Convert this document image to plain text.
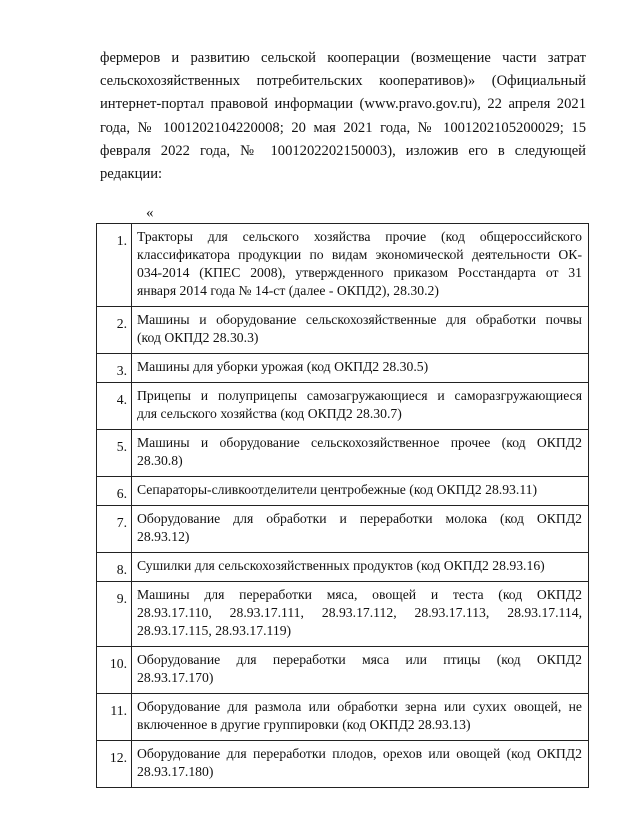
фермеров и развитию сельской кооперации (возмещение части затрат
сельскохозяйственных потребительских кооперативов)» (Официальный
интернет-портал правовой информации (www.pravo.gov.ru), 22 апреля 2021
года, № 1001202104220008; 20 мая 2021 года, № 1001202105200029; 15
февраля 2022 года, № 1001202202150003), изложив его в следующей
редакции:
«
1.	Тракторы для сельского хозяйства прочие (код общероссийского
классификатора продукции по видам экономической деятельности ОК-
034-2014 (КПЕС 2008), утвержденного приказом Росстандарта от 31
января 2014 года № 14-ст (далее - ОКПД2), 28.30.2)

2.	Машины и оборудование сельскохозяйственные для обработки почвы
(код ОКПД2 28.30.3)

3.	Машины для уборки урожая (код ОКПД2 28.30.5)

4.	Прицепы и полуприцепы самозагружающиеся и саморазгружающиеся
для сельского хозяйства (код ОКПД2 28.30.7)

5.	Машины и оборудование сельскохозяйственное прочее (код ОКПД2
28.30.8)

6.	Сепараторы-сливкоотделители центробежные (код ОКПД2 28.93.11)

7.	Оборудование для обработки и переработки молока (код ОКПД2
28.93.12)

8.	Сушилки для сельскохозяйственных продуктов (код ОКПД2 28.93.16)

9.	Машины для переработки мяса, овощей и теста (код ОКПД2
28.93.17.110, 28.93.17.111, 28.93.17.112, 28.93.17.113, 28.93.17.114,
28.93.17.115, 28.93.17.119)

10.	Оборудование для переработки мяса или птицы (код ОКПД2
28.93.17.170)

11.	Оборудование для размола или обработки зерна или сухих овощей, не
включенное в другие группировки (код ОКПД2 28.93.13)

12.	Оборудование для переработки плодов, орехов или овощей (код ОКПД2
28.93.17.180)
